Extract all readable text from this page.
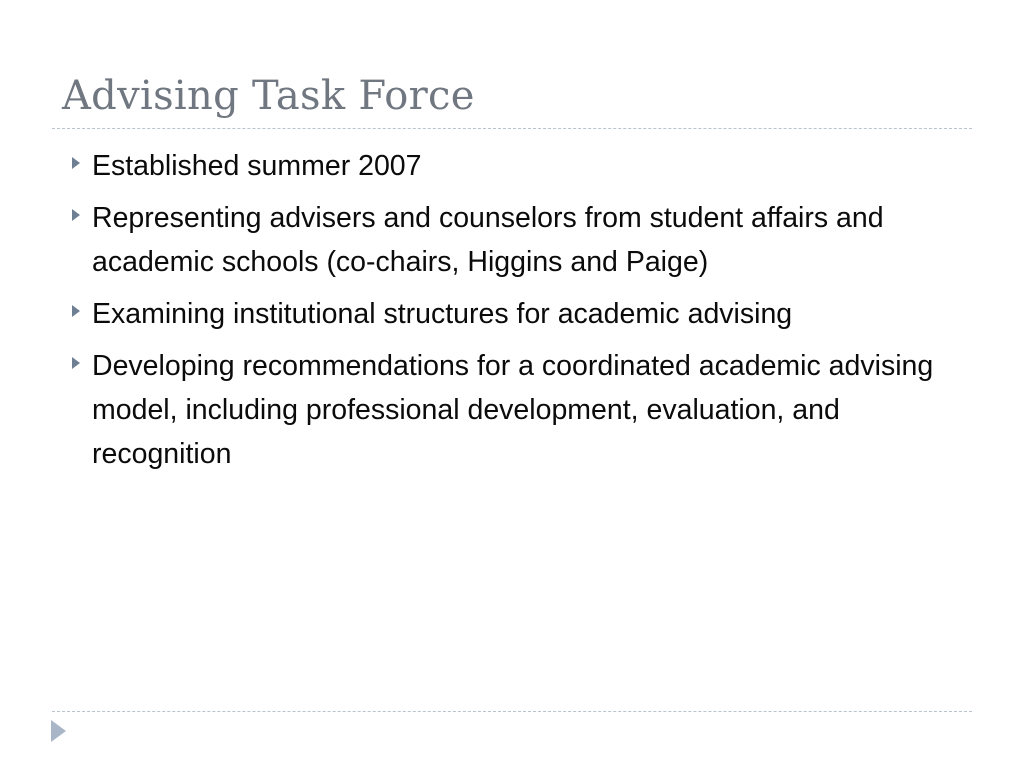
Advising Task Force
Established summer 2007
Representing advisers and counselors from student affairs and academic schools (co-chairs, Higgins and Paige)
Examining institutional structures for academic advising
Developing recommendations for a coordinated academic advising model, including professional development, evaluation, and recognition
